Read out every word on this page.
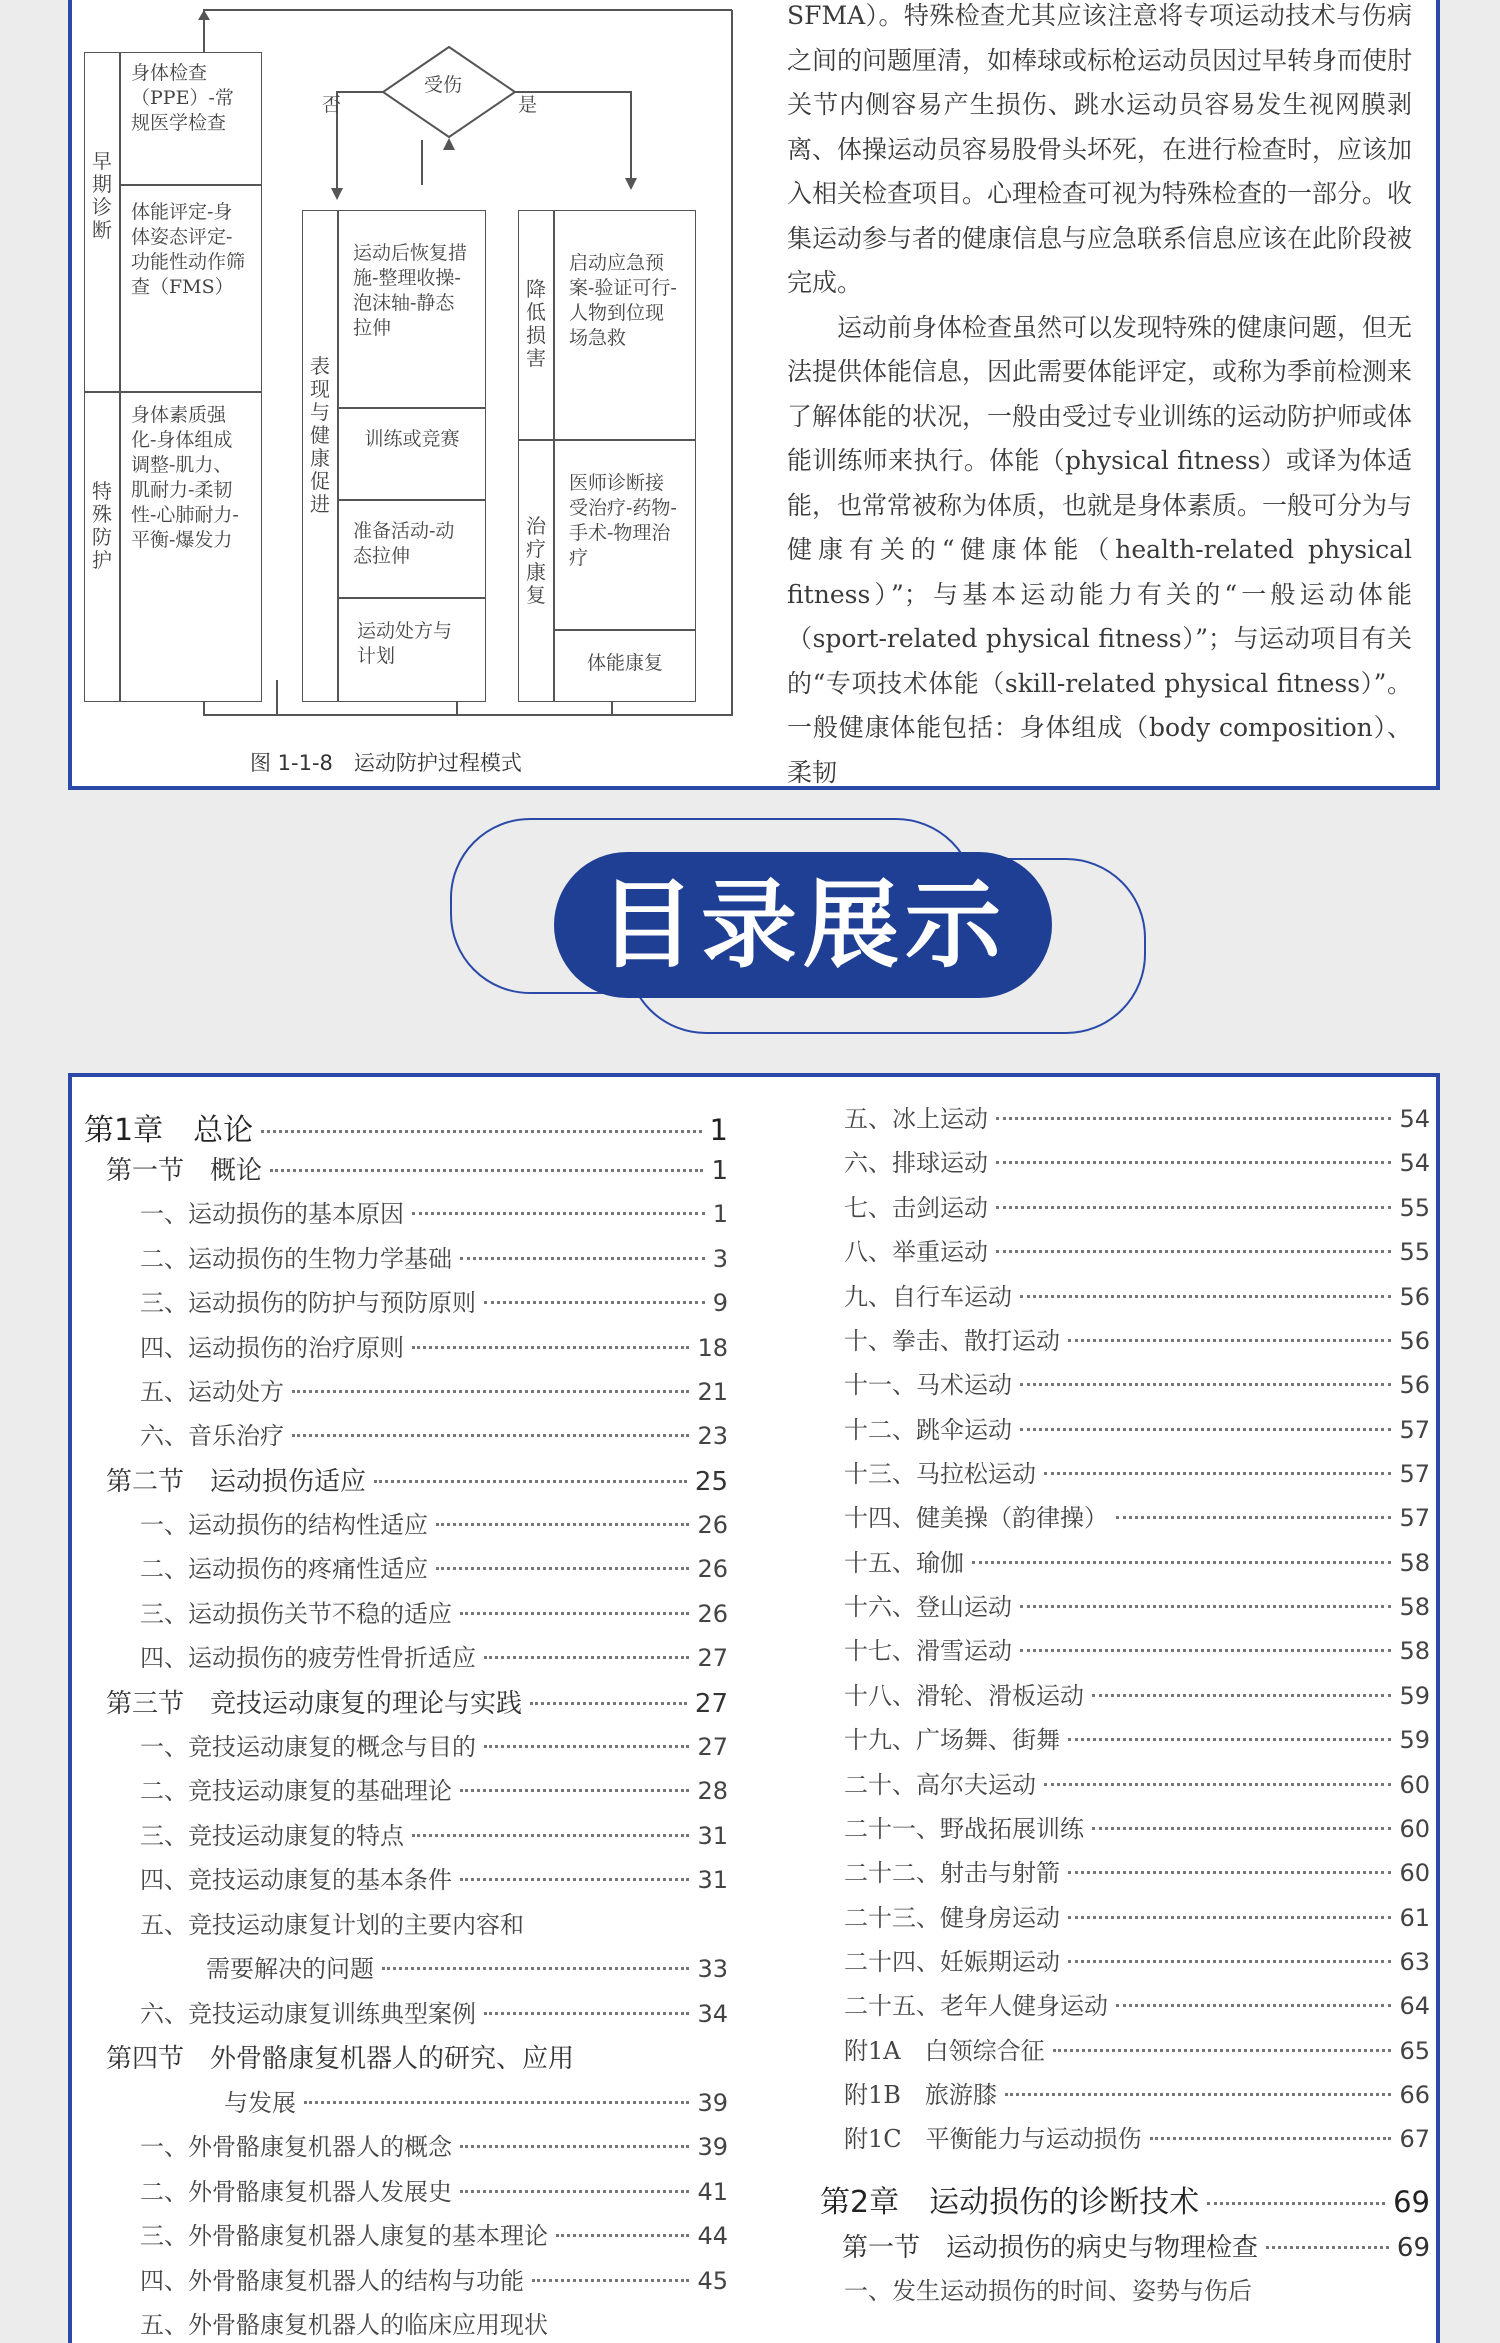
受伤
否	是
早期诊断
特殊防护
身体检查（PPE）-常规医学检查
体能评定-身体姿态评定-功能性动作筛查（FMS）
身体素质强化-身体组成调整-肌力、肌耐力-柔韧性-心肺耐力-平衡-爆发力
表现与健康促进
运动后恢复措施-整理收操-泡沫轴-静态拉伸
训练或竞赛
准备活动-动态拉伸
运动处方与计划
降低损害
治疗康复
启动应急预案-验证可行-人物到位现场急救
医师诊断接受治疗-药物-手术-物理治疗
体能康复
图 1-1-8　运动防护过程模式

SFMA）。特殊检查尤其应该注意将专项运动技术与伤病之间的问题厘清，如棒球或标枪运动员因过早转身而使肘关节内侧容易产生损伤、跳水运动员容易发生视网膜剥离、体操运动员容易股骨头坏死，在进行检查时，应该加入相关检查项目。心理检查可视为特殊检查的一部分。收集运动参与者的健康信息与应急联系信息应该在此阶段被完成。

运动前身体检查虽然可以发现特殊的健康问题，但无法提供体能信息，因此需要体能评定，或称为季前检测来了解体能的状况，一般由受过专业训练的运动防护师或体能训练师来执行。体能（physical fitness）或译为体适能，也常常被称为体质，也就是身体素质。一般可分为与健康有关的“健康体能（health-related physical fitness）”；与基本运动能力有关的“一般运动体能（sport-related physical fitness）”；与运动项目有关的“专项技术体能（skill-related physical fitness）”。一般健康体能包括：身体组成（body composition）、柔韧

目录展示
第1章　总论	1
第一节　概论	1
一、运动损伤的基本原因	1
二、运动损伤的生物力学基础	3
三、运动损伤的防护与预防原则	9
四、运动损伤的治疗原则	18
五、运动处方	21
六、音乐治疗	23
第二节　运动损伤适应	25
一、运动损伤的结构性适应	26
二、运动损伤的疼痛性适应	26
三、运动损伤关节不稳的适应	26
四、运动损伤的疲劳性骨折适应	27
第三节　竞技运动康复的理论与实践	27
一、竞技运动康复的概念与目的	27
二、竞技运动康复的基础理论	28
三、竞技运动康复的特点	31
四、竞技运动康复的基本条件	31
五、竞技运动康复计划的主要内容和
需要解决的问题	33
六、竞技运动康复训练典型案例	34
第四节　外骨骼康复机器人的研究、应用
与发展	39
一、外骨骼康复机器人的概念	39
二、外骨骼康复机器人发展史	41
三、外骨骼康复机器人康复的基本理论	44
四、外骨骼康复机器人的结构与功能	45
五、外骨骼康复机器人的临床应用现状
五、冰上运动	54
六、排球运动	54
七、击剑运动	55
八、举重运动	55
九、自行车运动	56
十、拳击、散打运动	56
十一、马术运动	56
十二、跳伞运动	57
十三、马拉松运动	57
十四、健美操（韵律操）	57
十五、瑜伽	58
十六、登山运动	58
十七、滑雪运动	58
十八、滑轮、滑板运动	59
十九、广场舞、街舞	59
二十、高尔夫运动	60
二十一、野战拓展训练	60
二十二、射击与射箭	60
二十三、健身房运动	61
二十四、妊娠期运动	63
二十五、老年人健身运动	64
附1A　白领综合征	65
附1B　旅游膝	66
附1C　平衡能力与运动损伤	67
第2章　运动损伤的诊断技术	69
第一节　运动损伤的病史与物理检查	69
一、发生运动损伤的时间、姿势与伤后
